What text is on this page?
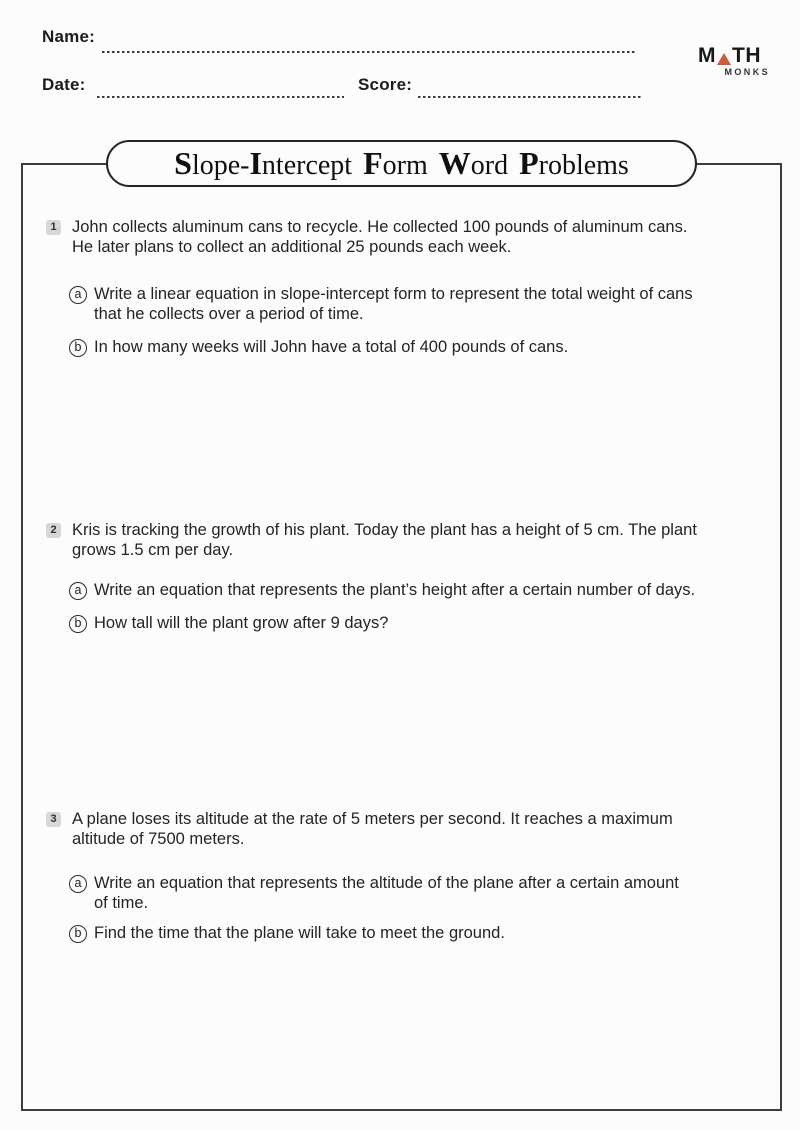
Name:
Date:	Score:
M TH
MONKS
Slope- Intercept Form Word Problems
1 John collects aluminum cans to recycle. He collected 100 pounds of aluminum cans.
He later plans to collect an additional 25 pounds each week.
a Write a linear equation in slope-intercept form to represent the total weight of cans
that he collects over a period of time.
b In how many weeks will John have a total of 400 pounds of cans.
2 Kris is tracking the growth of his plant. Today the plant has a height of 5 cm. The plant
grows 1.5 cm per day.
a Write an equation that represents the plant’s height after a certain number of days.
b How tall will the plant grow after 9 days?
3 A plane loses its altitude at the rate of 5 meters per second. It reaches a maximum
altitude of 7500 meters.
a Write an equation that represents the altitude of the plane after a certain amount
of time.
b Find the time that the plane will take to meet the ground.
